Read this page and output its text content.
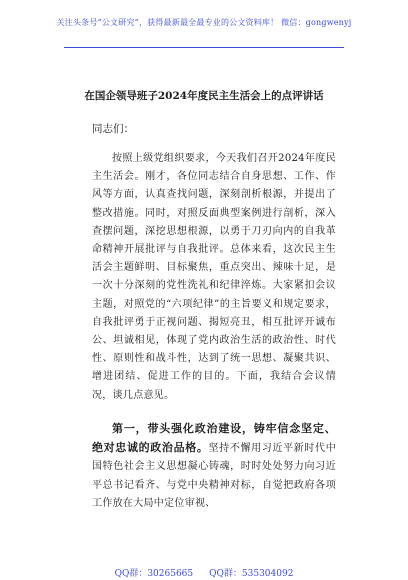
关注头条号“公文研究”，获得最新最全最专业的公文资料库！ 微信：gongwenyj
在国企领导班子2024年度民主生活会上的点评讲话
同志们：
按照上级党组织要求，今天我们召开2024年度民主生活会。刚才，各位同志结合自身思想、工作、作风等方面，认真查找问题，深刻剖析根源，并提出了整改措施。同时，对照反面典型案例进行剖析，深入查摆问题，深挖思想根源，以勇于刀刃向内的自我革命精神开展批评与自我批评。总体来看，这次民主生活会主题鲜明、目标聚焦，重点突出、辣味十足，是一次十分深刻的党性洗礼和纪律淬炼。大家紧扣会议主题，对照党的“六项纪律”的主旨要义和规定要求，自我批评勇于正视问题、揭短亮丑，相互批评开诚布公、坦诚相见，体现了党内政治生活的政治性、时代性、原则性和战斗性，达到了统一思想、凝聚共识、增进团结、促进工作的目的。下面，我结合会议情况，谈几点意见。
第一，带头强化政治建设，铸牢信念坚定、绝对忠诚的政治品格。坚持不懈用习近平新时代中国特色社会主义思想凝心铸魂，时时处处努力向习近平总书记看齐、与党中央精神对标，自觉把政府各项工作放在大局中定位审视、
QQ群：30265665 QQ群：535304092
